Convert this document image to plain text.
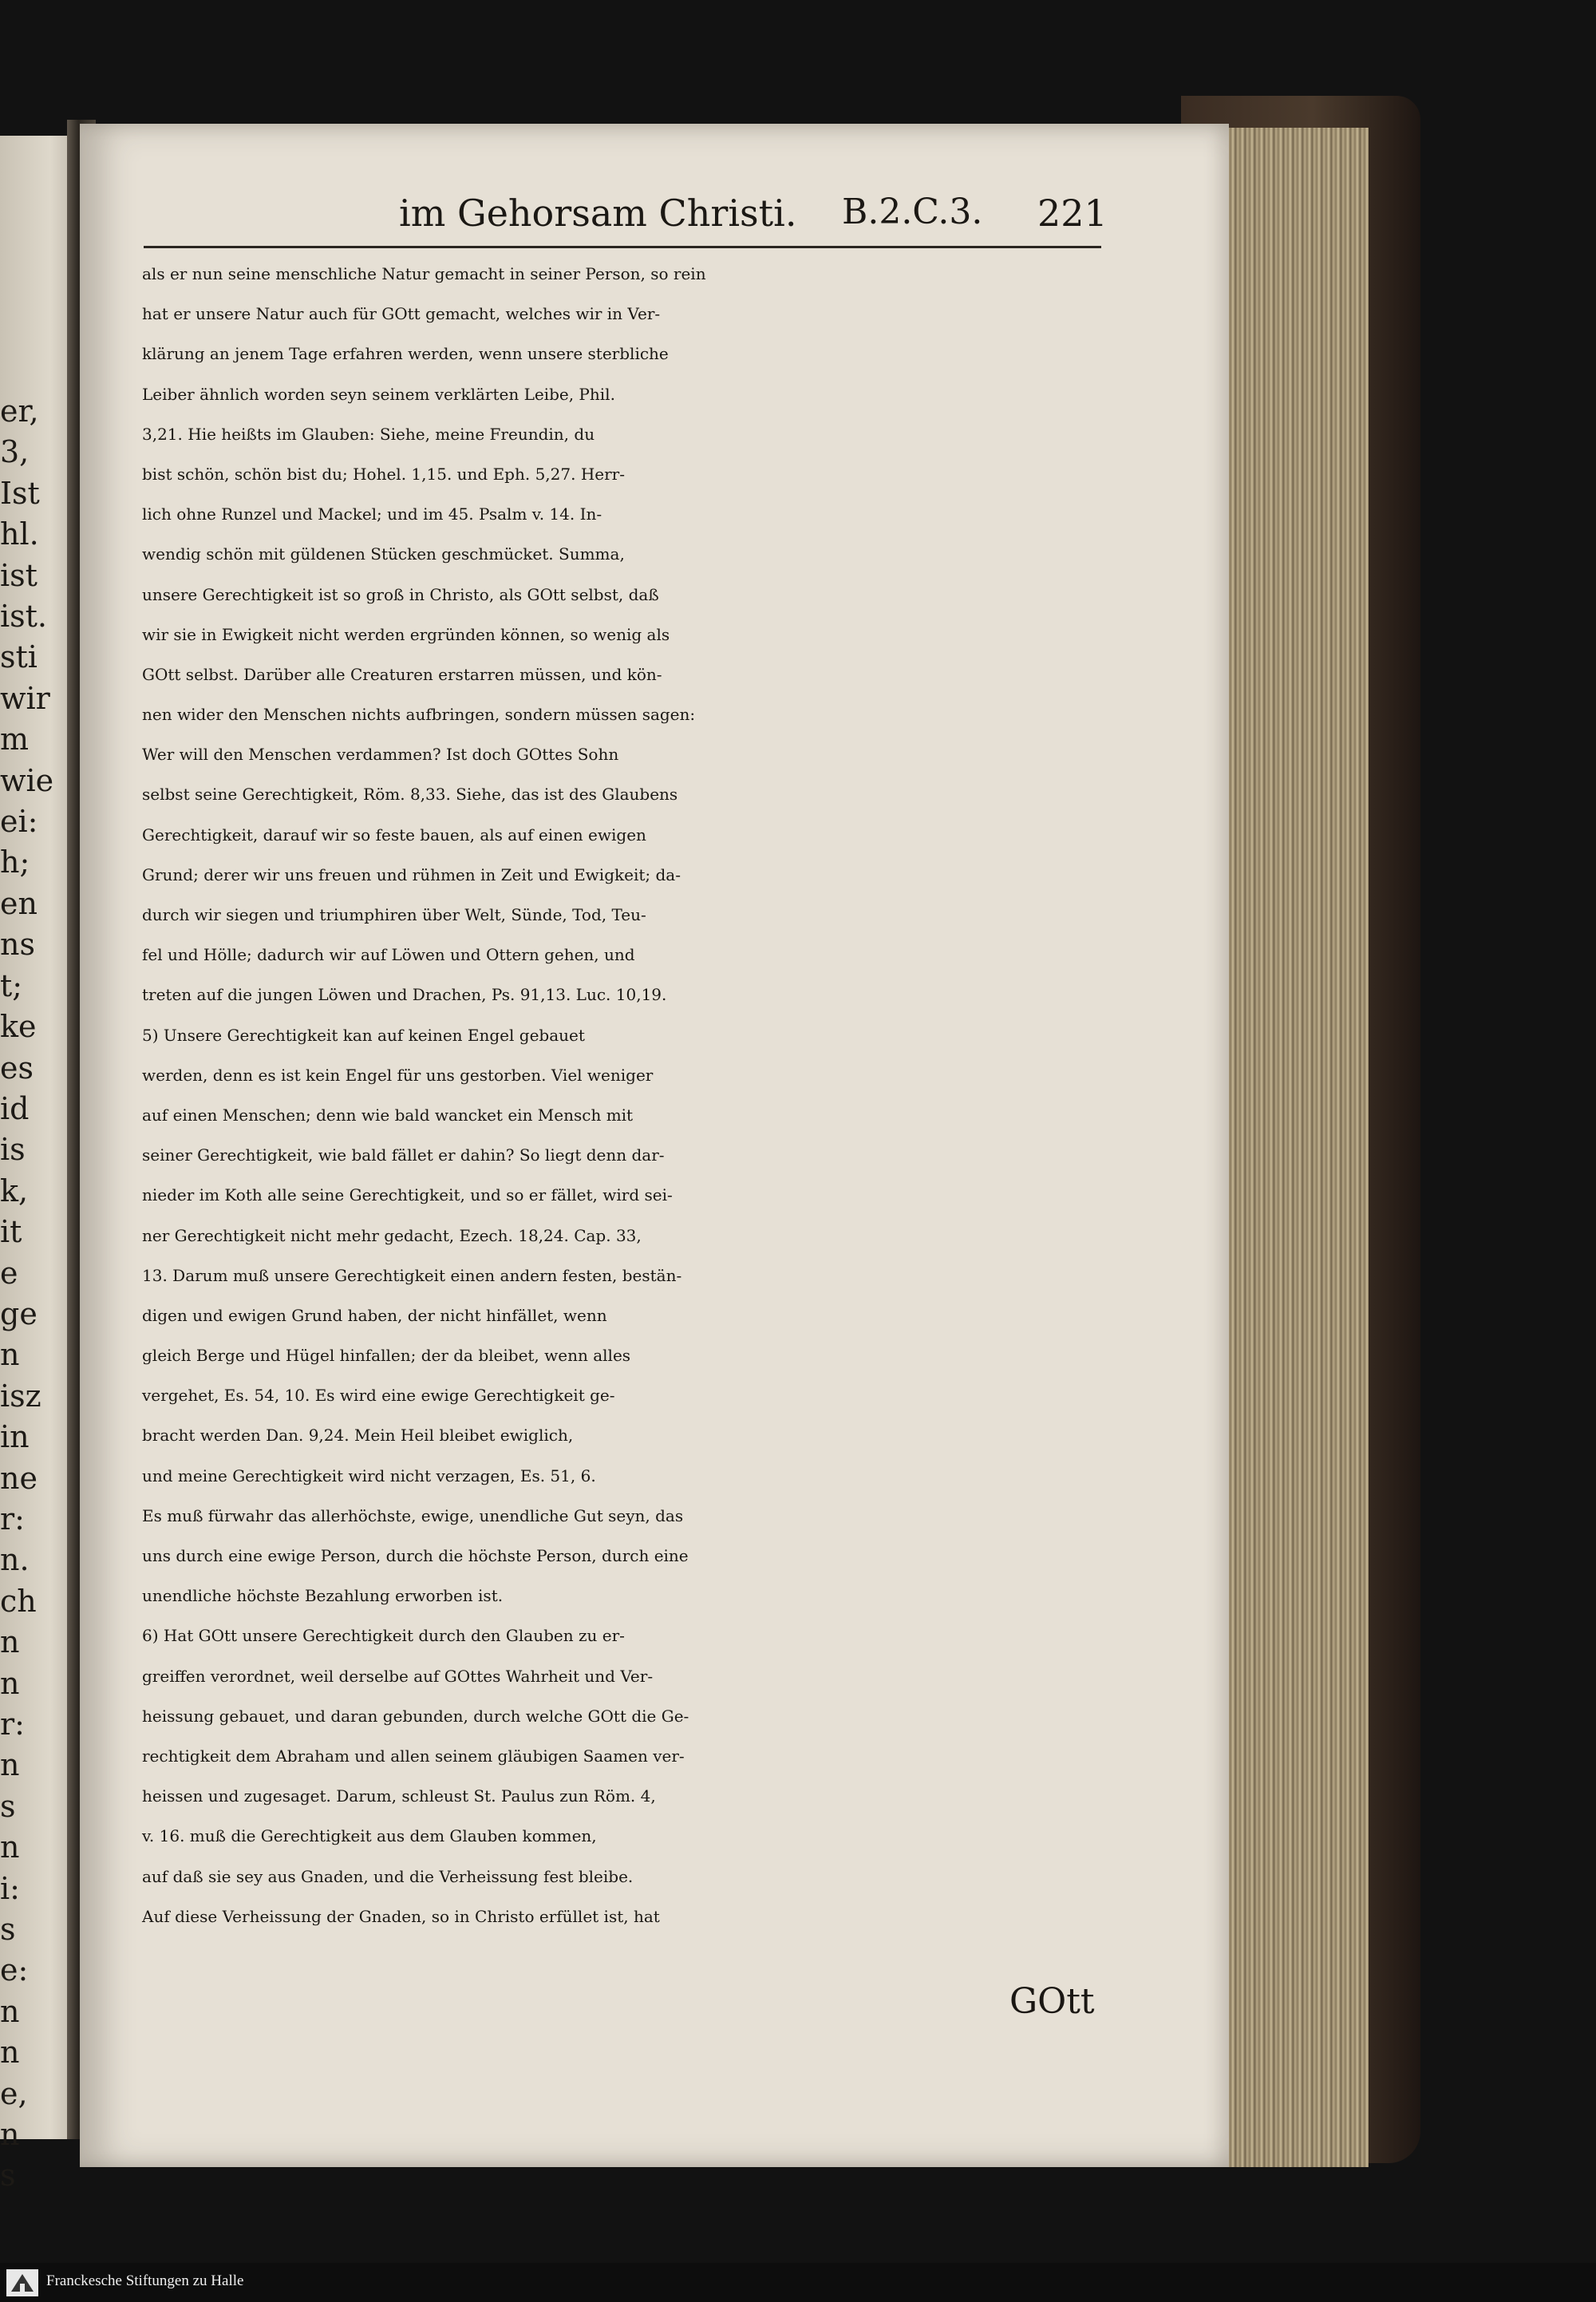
er,
3,
Ist
hl.
ist
ist.
sti
wir
m
wie
ei:
h;
en
ns
t;
ke
es
id
is
k,
it
e
ge
n
isz
in
ne
r:
n.
ch
n
n
r:
n
s
n
i:
s
e:
n
n
e,
n
s
im Gehorsam Christi. B.2.C.3. 221
als er nun seine menschliche Natur gemacht in seiner Person, so rein
hat er unsere Natur auch für GOtt gemacht, welches wir in Ver-
klärung an jenem Tage erfahren werden, wenn unsere sterbliche
Leiber ähnlich worden seyn seinem verklärten Leibe, Phil.
3,21. Hie heißts im Glauben: Siehe, meine Freundin, du
bist schön, schön bist du; Hohel. 1,15. und Eph. 5,27. Herr-
lich ohne Runzel und Mackel; und im 45. Psalm v. 14. In-
wendig schön mit güldenen Stücken geschmücket. Summa,
unsere Gerechtigkeit ist so groß in Christo, als GOtt selbst, daß
wir sie in Ewigkeit nicht werden ergründen können, so wenig als
GOtt selbst. Darüber alle Creaturen erstarren müssen, und kön-
nen wider den Menschen nichts aufbringen, sondern müssen sagen:
Wer will den Menschen verdammen? Ist doch GOttes Sohn
selbst seine Gerechtigkeit, Röm. 8,33. Siehe, das ist des Glaubens
Gerechtigkeit, darauf wir so feste bauen, als auf einen ewigen
Grund; derer wir uns freuen und rühmen in Zeit und Ewigkeit; da-
durch wir siegen und triumphiren über Welt, Sünde, Tod, Teu-
fel und Hölle; dadurch wir auf Löwen und Ottern gehen, und
treten auf die jungen Löwen und Drachen, Ps. 91,13. Luc. 10,19.
5) Unsere Gerechtigkeit kan auf keinen Engel gebauet
werden, denn es ist kein Engel für uns gestorben. Viel weniger
auf einen Menschen; denn wie bald wancket ein Mensch mit
seiner Gerechtigkeit, wie bald fället er dahin? So liegt denn dar-
nieder im Koth alle seine Gerechtigkeit, und so er fället, wird sei-
ner Gerechtigkeit nicht mehr gedacht, Ezech. 18,24. Cap. 33,
13. Darum muß unsere Gerechtigkeit einen andern festen, bestän-
digen und ewigen Grund haben, der nicht hinfället, wenn
gleich Berge und Hügel hinfallen; der da bleibet, wenn alles
vergehet, Es. 54, 10. Es wird eine ewige Gerechtigkeit ge-
bracht werden Dan. 9,24. Mein Heil bleibet ewiglich,
und meine Gerechtigkeit wird nicht verzagen, Es. 51, 6.
Es muß fürwahr das allerhöchste, ewige, unendliche Gut seyn, das
uns durch eine ewige Person, durch die höchste Person, durch eine
unendliche höchste Bezahlung erworben ist.
6) Hat GOtt unsere Gerechtigkeit durch den Glauben zu er-
greiffen verordnet, weil derselbe auf GOttes Wahrheit und Ver-
heissung gebauet, und daran gebunden, durch welche GOtt die Ge-
rechtigkeit dem Abraham und allen seinem gläubigen Saamen ver-
heissen und zugesaget. Darum, schleust St. Paulus zun Röm. 4,
v. 16. muß die Gerechtigkeit aus dem Glauben kommen,
auf daß sie sey aus Gnaden, und die Verheissung fest bleibe.
Auf diese Verheissung der Gnaden, so in Christo erfüllet ist, hat
GOtt
Franckesche Stiftungen zu Halle
